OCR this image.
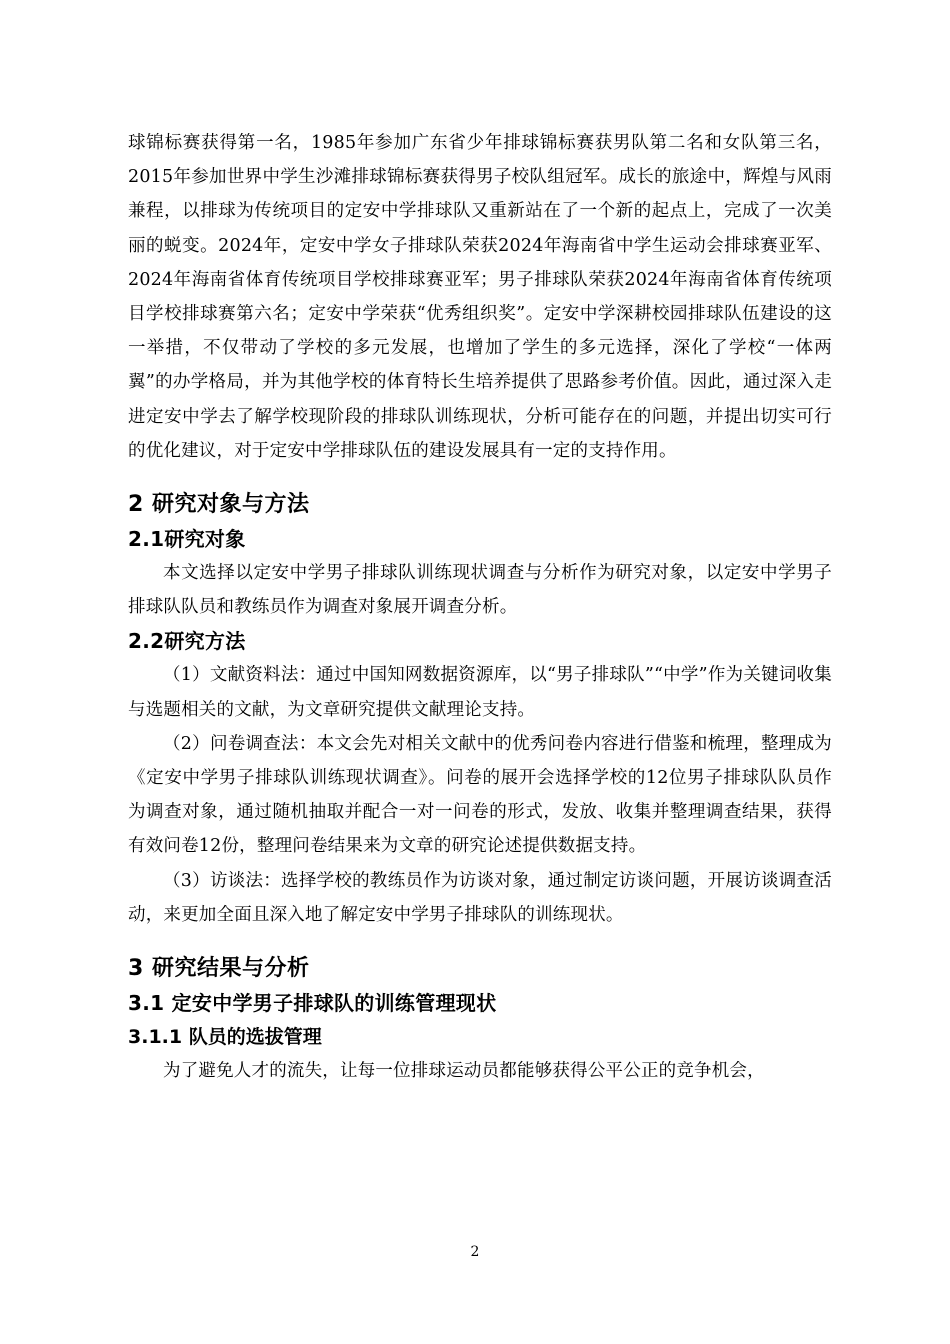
球锦标赛获得第一名，1985年参加广东省少年排球锦标赛获男队第二名和女队第三名，2015年参加世界中学生沙滩排球锦标赛获得男子校队组冠军。成长的旅途中，辉煌与风雨兼程，以排球为传统项目的定安中学排球队又重新站在了一个新的起点上，完成了一次美丽的蜕变。2024年，定安中学女子排球队荣获2024年海南省中学生运动会排球赛亚军、2024年海南省体育传统项目学校排球赛亚军；男子排球队荣获2024年海南省体育传统项目学校排球赛第六名；定安中学荣获“优秀组织奖”。定安中学深耕校园排球队伍建设的这一举措，不仅带动了学校的多元发展，也增加了学生的多元选择，深化了学校“一体两翼”的办学格局，并为其他学校的体育特长生培养提供了思路参考价值。因此，通过深入走进定安中学去了解学校现阶段的排球队训练现状，分析可能存在的问题，并提出切实可行的优化建议，对于定安中学排球队伍的建设发展具有一定的支持作用。

2 研究对象与方法
2.1研究对象

本文选择以定安中学男子排球队训练现状调查与分析作为研究对象，以定安中学男子排球队队员和教练员作为调查对象展开调查分析。

2.2研究方法

（1）文献资料法：通过中国知网数据资源库，以“男子排球队”“中学”作为关键词收集与选题相关的文献，为文章研究提供文献理论支持。

（2）问卷调查法：本文会先对相关文献中的优秀问卷内容进行借鉴和梳理，整理成为《定安中学男子排球队训练现状调查》。问卷的展开会选择学校的12位男子排球队队员作为调查对象，通过随机抽取并配合一对一问卷的形式，发放、收集并整理调查结果，获得有效问卷12份，整理问卷结果来为文章的研究论述提供数据支持。

（3）访谈法：选择学校的教练员作为访谈对象，通过制定访谈问题，开展访谈调查活动，来更加全面且深入地了解定安中学男子排球队的训练现状。

3 研究结果与分析
3.1 定安中学男子排球队的训练管理现状
3.1.1 队员的选拔管理

为了避免人才的流失，让每一位排球运动员都能够获得公平公正的竞争机会，

2
